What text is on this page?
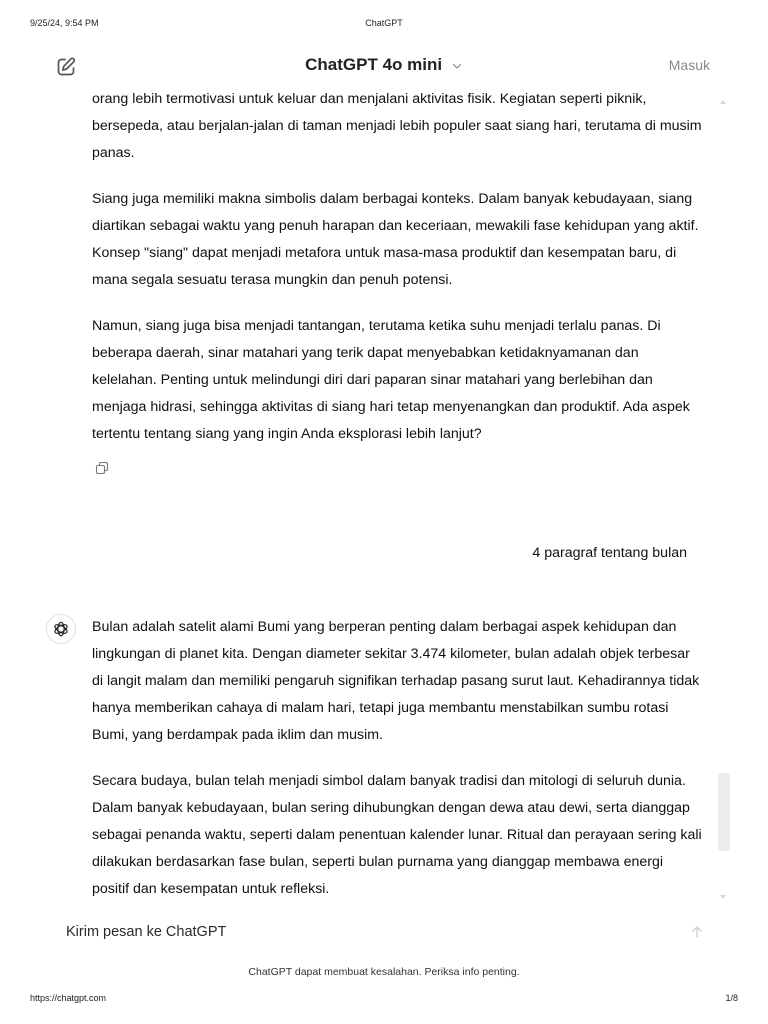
9/25/24, 9:54 PM	ChatGPT
ChatGPT 4o mini	Masuk

orang lebih termotivasi untuk keluar dan menjalani aktivitas fisik. Kegiatan seperti piknik, bersepeda, atau berjalan-jalan di taman menjadi lebih populer saat siang hari, terutama di musim panas.

Siang juga memiliki makna simbolis dalam berbagai konteks. Dalam banyak kebudayaan, siang diartikan sebagai waktu yang penuh harapan dan keceriaan, mewakili fase kehidupan yang aktif. Konsep "siang" dapat menjadi metafora untuk masa-masa produktif dan kesempatan baru, di mana segala sesuatu terasa mungkin dan penuh potensi.

Namun, siang juga bisa menjadi tantangan, terutama ketika suhu menjadi terlalu panas. Di beberapa daerah, sinar matahari yang terik dapat menyebabkan ketidaknyamanan dan kelelahan. Penting untuk melindungi diri dari paparan sinar matahari yang berlebihan dan menjaga hidrasi, sehingga aktivitas di siang hari tetap menyenangkan dan produktif. Ada aspek tertentu tentang siang yang ingin Anda eksplorasi lebih lanjut?

4 paragraf tentang bulan

Bulan adalah satelit alami Bumi yang berperan penting dalam berbagai aspek kehidupan dan lingkungan di planet kita. Dengan diameter sekitar 3.474 kilometer, bulan adalah objek terbesar di langit malam dan memiliki pengaruh signifikan terhadap pasang surut laut. Kehadirannya tidak hanya memberikan cahaya di malam hari, tetapi juga membantu menstabilkan sumbu rotasi Bumi, yang berdampak pada iklim dan musim.

Secara budaya, bulan telah menjadi simbol dalam banyak tradisi dan mitologi di seluruh dunia. Dalam banyak kebudayaan, bulan sering dihubungkan dengan dewa atau dewi, serta dianggap sebagai penanda waktu, seperti dalam penentuan kalender lunar. Ritual dan perayaan sering kali dilakukan berdasarkan fase bulan, seperti bulan purnama yang dianggap membawa energi positif dan kesempatan untuk refleksi.

Kirim pesan ke ChatGPT
ChatGPT dapat membuat kesalahan. Periksa info penting.
https://chatgpt.com	1/8
